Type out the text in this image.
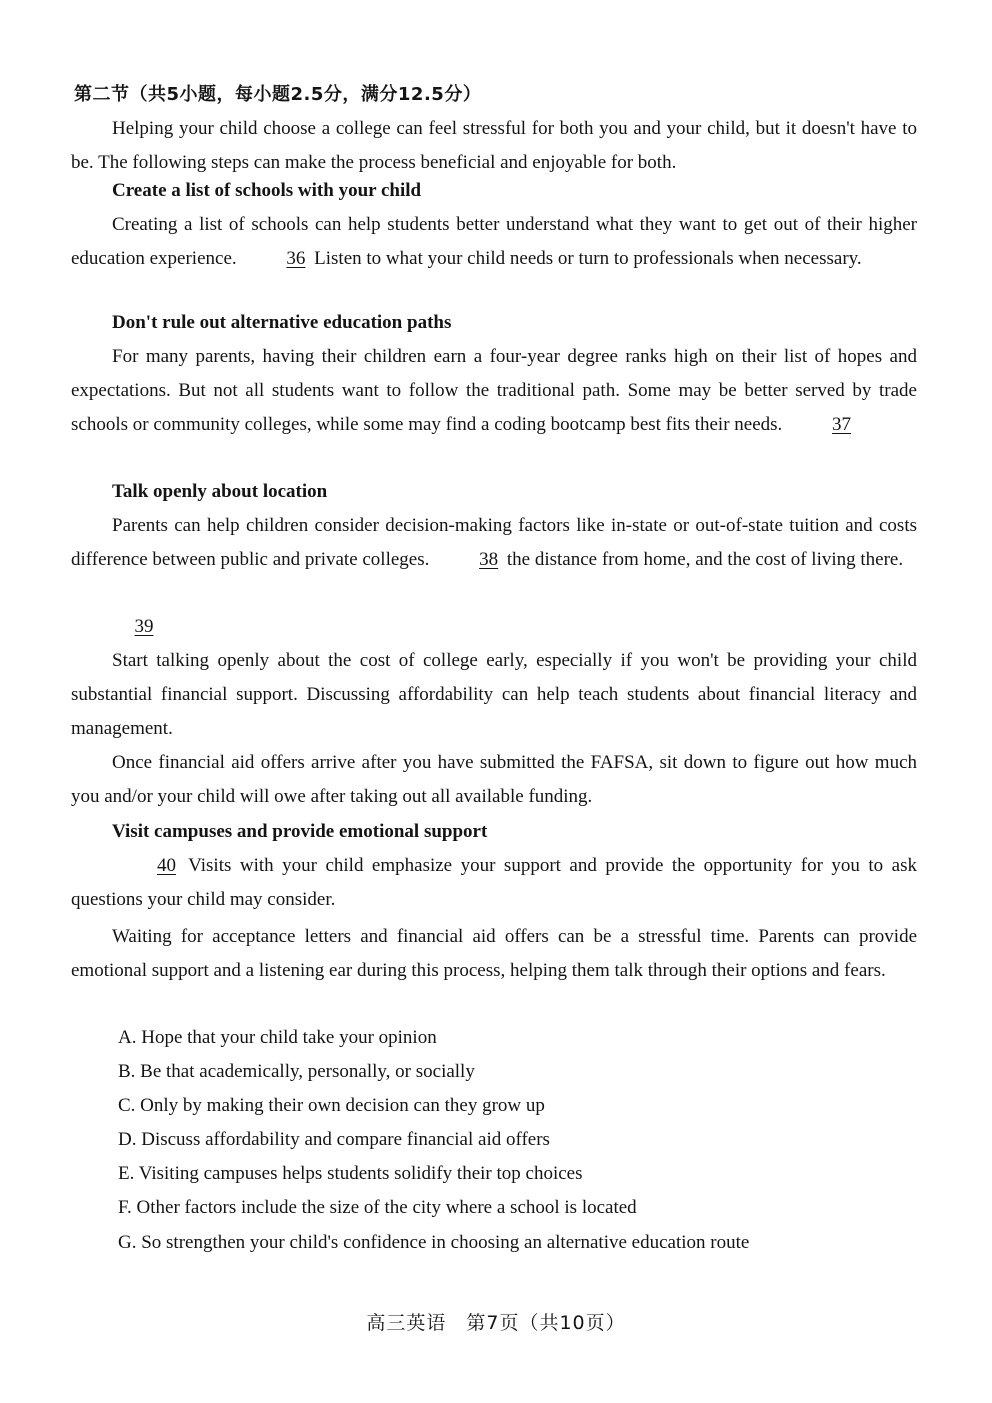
第二节（共5小题，每小题2.5分，满分12.5分）
Helping your child choose a college can feel stressful for both you and your child, but it doesn't have to be. The following steps can make the process beneficial and enjoyable for both.
Create a list of schools with your child
Creating a list of schools can help students better understand what they want to get out of their higher education experience.	36 Listen to what your child needs or turn to professionals when necessary.
Don't rule out alternative education paths
For many parents, having their children earn a four-year degree ranks high on their list of hopes and expectations. But not all students want to follow the traditional path. Some may be better served by trade schools or community colleges, while some may find a coding bootcamp best fits their needs.	37
Talk openly about location
Parents can help children consider decision-making factors like in-state or out-of-state tuition and costs difference between public and private colleges.	38 the distance from home, and the cost of living there.
39
Start talking openly about the cost of college early, especially if you won't be providing your child substantial financial support. Discussing affordability can help teach students about financial literacy and management.
Once financial aid offers arrive after you have submitted the FAFSA, sit down to figure out how much you and/or your child will owe after taking out all available funding.
Visit campuses and provide emotional support
40 Visits with your child emphasize your support and provide the opportunity for you to ask questions your child may consider.
Waiting for acceptance letters and financial aid offers can be a stressful time. Parents can provide emotional support and a listening ear during this process, helping them talk through their options and fears.
A. Hope that your child take your opinion
B. Be that academically, personally, or socially
C. Only by making their own decision can they grow up
D. Discuss affordability and compare financial aid offers
E. Visiting campuses helps students solidify their top choices
F. Other factors include the size of the city where a school is located
G. So strengthen your child's confidence in choosing an alternative education route
高三英语　第7页（共10页）
